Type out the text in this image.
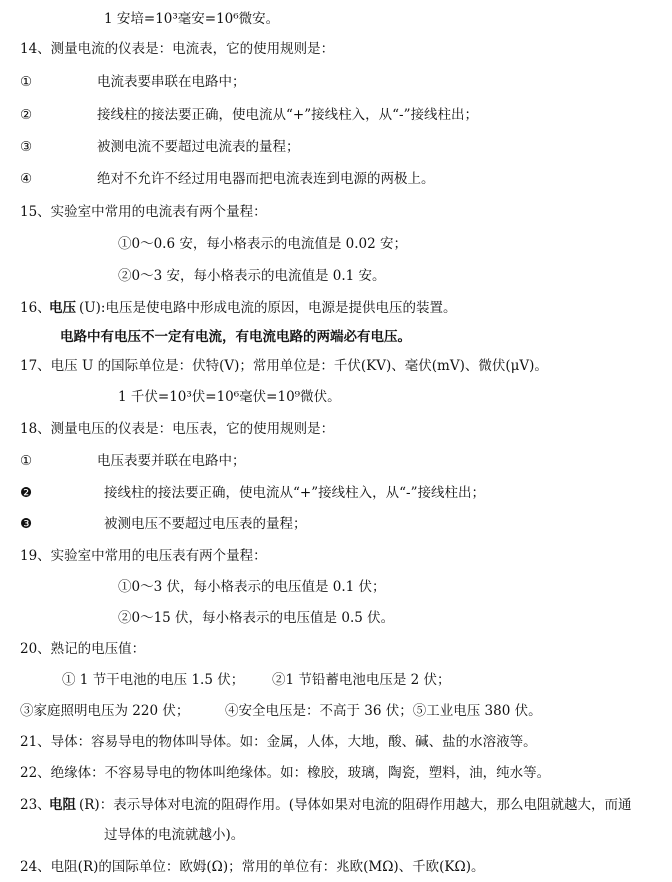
1 安培=10³毫安=10⁶微安。
14、测量电流的仪表是：电流表，它的使用规则是：
①	电流表要串联在电路中；
②	接线柱的接法要正确，使电流从“+”接线柱入，从“-”接线柱出；
③	被测电流不要超过电流表的量程；
④	绝对不允许不经过用电器而把电流表连到电源的两极上。
15、实验室中常用的电流表有两个量程：
①0～0.6 安，每小格表示的电流值是 0.02 安；
②0～3 安，每小格表示的电流值是 0.1 安。
16、
电压 (U):电压是使电路中形成电流的原因，电源是提供电压的装置。
电路中有电压不一定有电流，有电流电路的两端必有电压。
17、电压 U 的国际单位是：伏特(V)；常用单位是：千伏(KV)、毫伏(mV)、微伏(μV)。
1 千伏=10³伏=10⁶毫伏=10⁹微伏。
18、测量电压的仪表是：电压表，它的使用规则是：
①	电压表要并联在电路中；
❷	接线柱的接法要正确，使电流从“+”接线柱入，从“-”接线柱出；
❸	被测电压不要超过电压表的量程；
19、实验室中常用的电压表有两个量程：
①0～3 伏，每小格表示的电压值是 0.1 伏；
②0～15 伏，每小格表示的电压值是 0.5 伏。
20、熟记的电压值：
① 1 节干电池的电压 1.5 伏； ②1 节铅蓄电池电压是 2 伏；
③家庭照明电压为 220 伏；	④安全电压是：不高于 36 伏；⑤工业电压 380 伏。
21、导体：容易导电的物体叫导体。如：金属，人体，大地，酸、碱、盐的水溶液等。
22、绝缘体：不容易导电的物体叫绝缘体。如：橡胶，玻璃，陶瓷，塑料，油，纯水等。
23、
电阻 (R)：表示导体对电流的阻碍作用。(导体如果对电流的阻碍作用越大，那么电阻就越大，而通
过导体的电流就越小)。
24、电阻(R)的国际单位：欧姆(Ω)；常用的单位有：兆欧(MΩ)、千欧(KΩ)。
